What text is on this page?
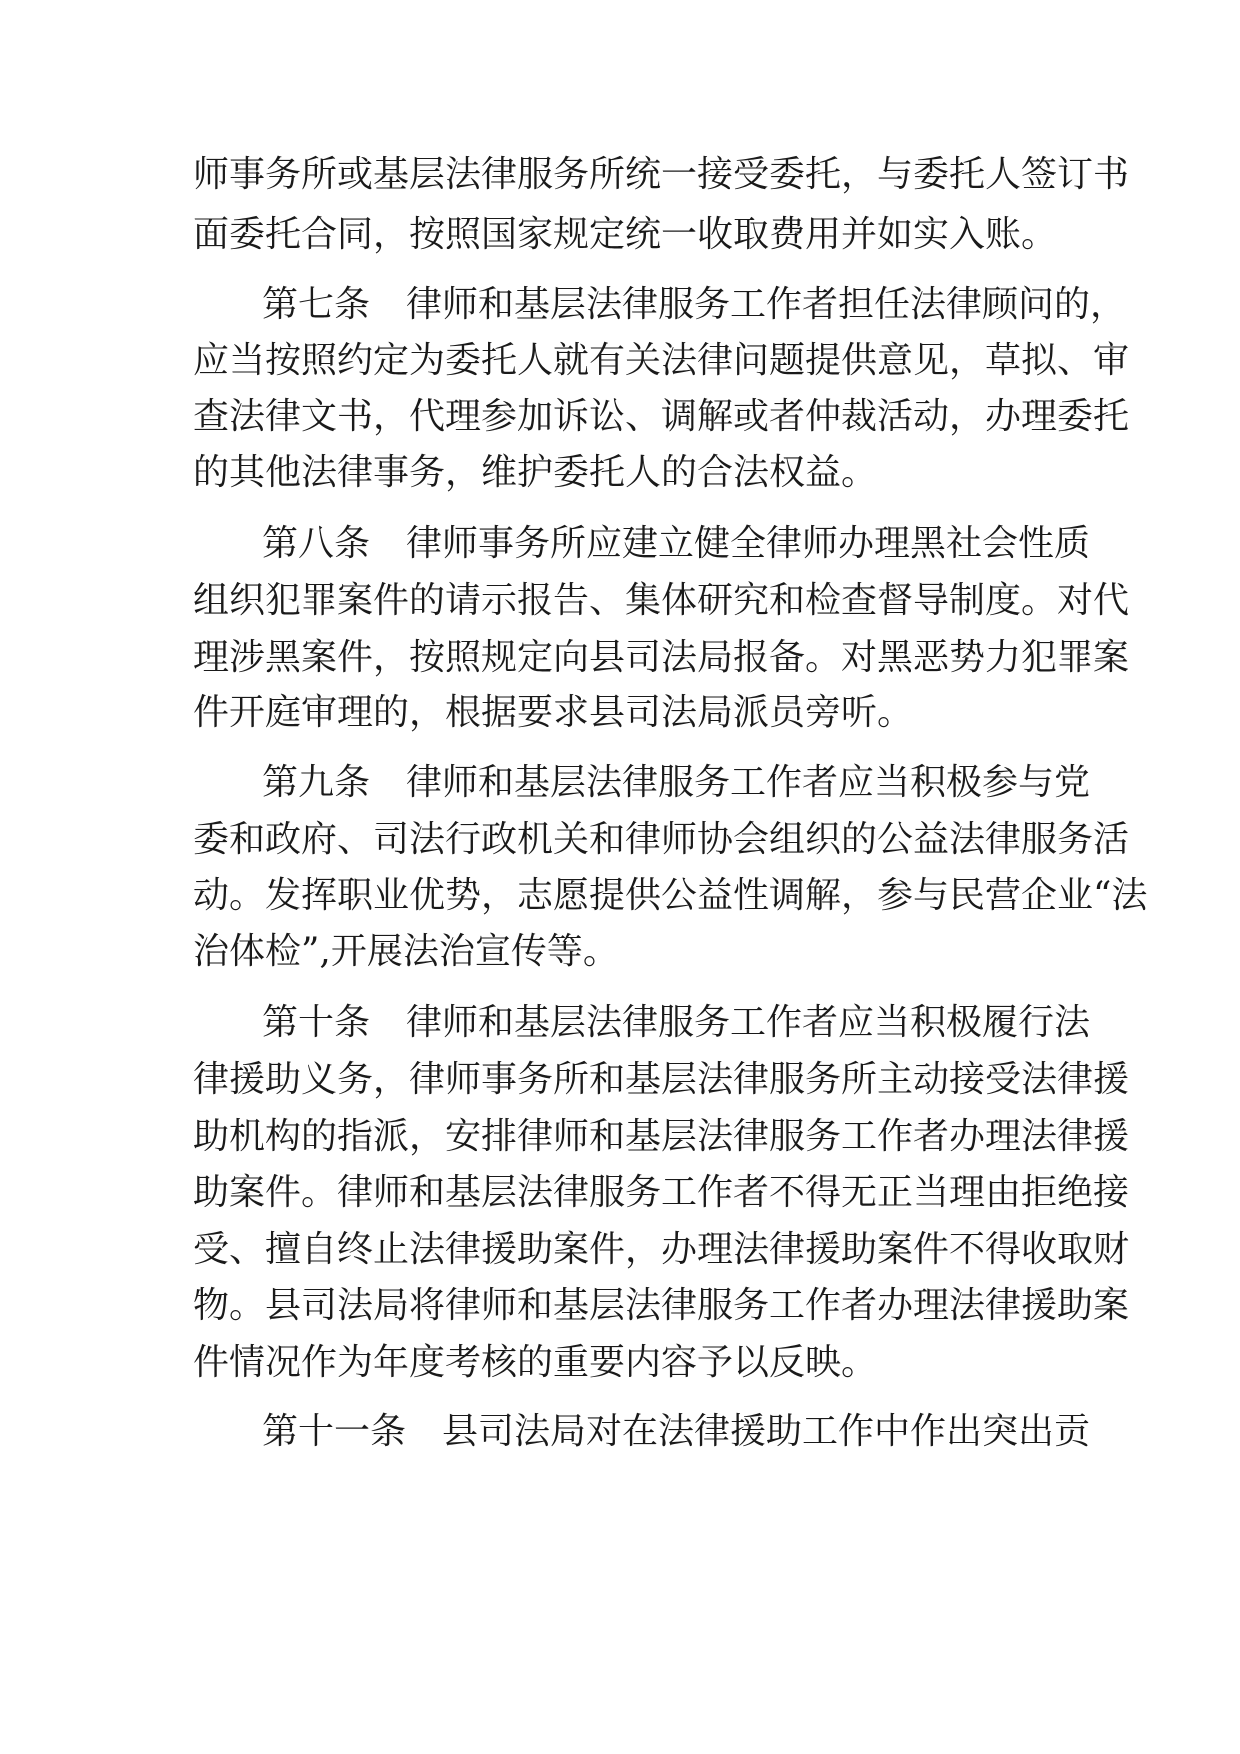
师事务所或基层法律服务所统一接受委托，与委托人签订书
面委托合同，按照国家规定统一收取费用并如实入账。
第七条　律师和基层法律服务工作者担任法律顾问的，
应当按照约定为委托人就有关法律问题提供意见，草拟、审
查法律文书，代理参加诉讼、调解或者仲裁活动，办理委托
的其他法律事务，维护委托人的合法权益。
第八条　律师事务所应建立健全律师办理黑社会性质
组织犯罪案件的请示报告、集体研究和检查督导制度。对代
理涉黑案件，按照规定向县司法局报备。对黑恶势力犯罪案
件开庭审理的，根据要求县司法局派员旁听。
第九条　律师和基层法律服务工作者应当积极参与党
委和政府、司法行政机关和律师协会组织的公益法律服务活
动。发挥职业优势，志愿提供公益性调解，参与民营企业“法
治体检”,开展法治宣传等。
第十条　律师和基层法律服务工作者应当积极履行法
律援助义务，律师事务所和基层法律服务所主动接受法律援
助机构的指派，安排律师和基层法律服务工作者办理法律援
助案件。律师和基层法律服务工作者不得无正当理由拒绝接
受、擅自终止法律援助案件，办理法律援助案件不得收取财
物。县司法局将律师和基层法律服务工作者办理法律援助案
件情况作为年度考核的重要内容予以反映。
第十一条　县司法局对在法律援助工作中作出突出贡
